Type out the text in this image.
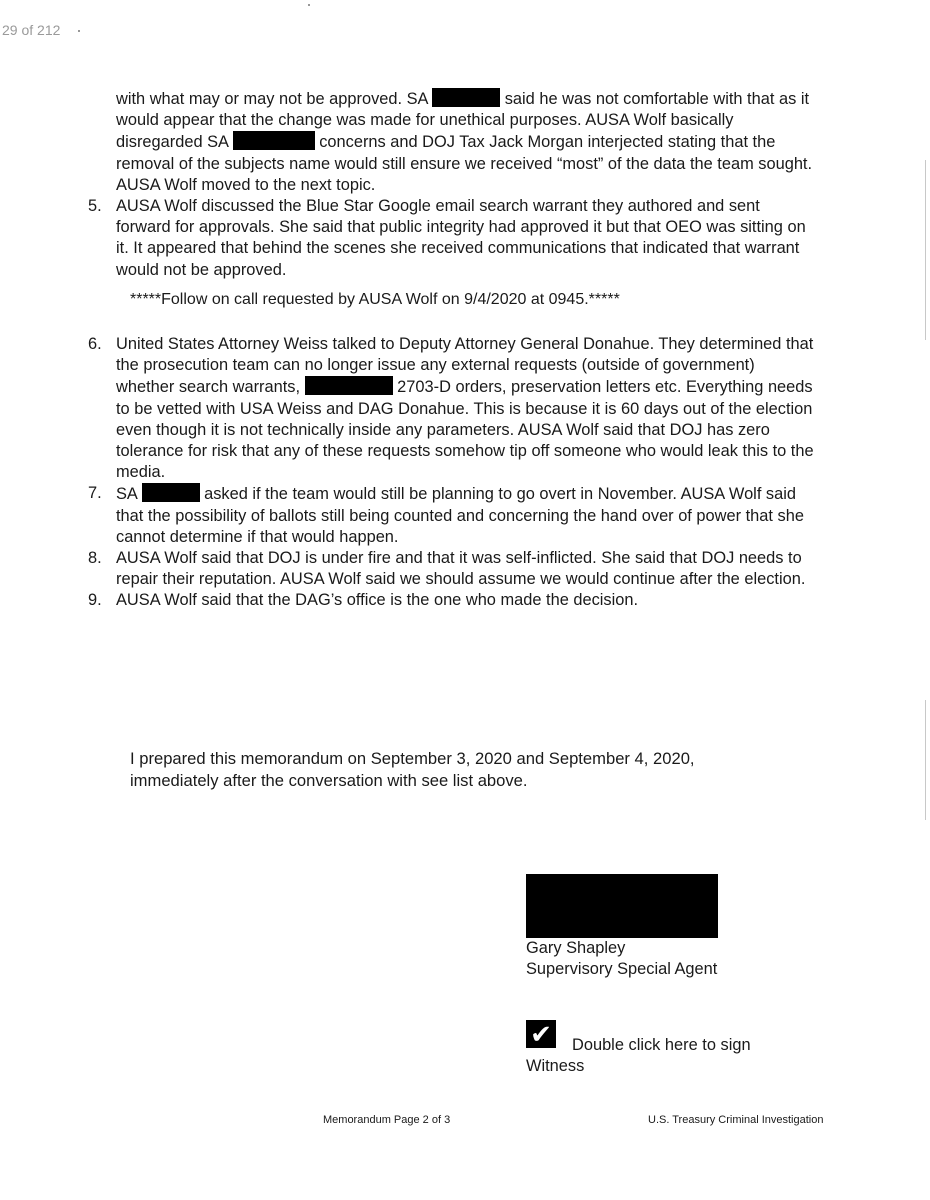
29 of 212

with what may or may not be approved. SA	said he was not comfortable with that as it would appear that the change was made for unethical purposes. AUSA Wolf basically disregarded SA	concerns and DOJ Tax Jack Morgan interjected stating that the removal of the subjects name would still ensure we received “most” of the data the team sought. AUSA Wolf moved to the next topic.

5. AUSA Wolf discussed the Blue Star Google email search warrant they authored and sent forward for approvals. She said that public integrity had approved it but that OEO was sitting on it. It appeared that behind the scenes she received communications that indicated that warrant would not be approved.

*****Follow on call requested by AUSA Wolf on 9/4/2020 at 0945.*****

6. United States Attorney Weiss talked to Deputy Attorney General Donahue. They determined that the prosecution team can no longer issue any external requests (outside of government) whether search warrants,	2703-D orders, preservation letters etc. Everything needs to be vetted with USA Weiss and DAG Donahue. This is because it is 60 days out of the election even though it is not technically inside any parameters. AUSA Wolf said that DOJ has zero tolerance for risk that any of these requests somehow tip off someone who would leak this to the media.

7. SA	asked if the team would still be planning to go overt in November. AUSA Wolf said that the possibility of ballots still being counted and concerning the hand over of power that she cannot determine if that would happen.

8. AUSA Wolf said that DOJ is under fire and that it was self-inflicted. She said that DOJ needs to repair their reputation. AUSA Wolf said we should assume we would continue after the election.

9. AUSA Wolf said that the DAG’s office is the one who made the decision.

I prepared this memorandum on September 3, 2020 and September 4, 2020, immediately after the conversation with see list above.
Gary Shapley
Supervisory Special Agent
✔ Double click here to sign
Witness
Memorandum Page 2 of 3	U.S. Treasury Criminal Investigation
